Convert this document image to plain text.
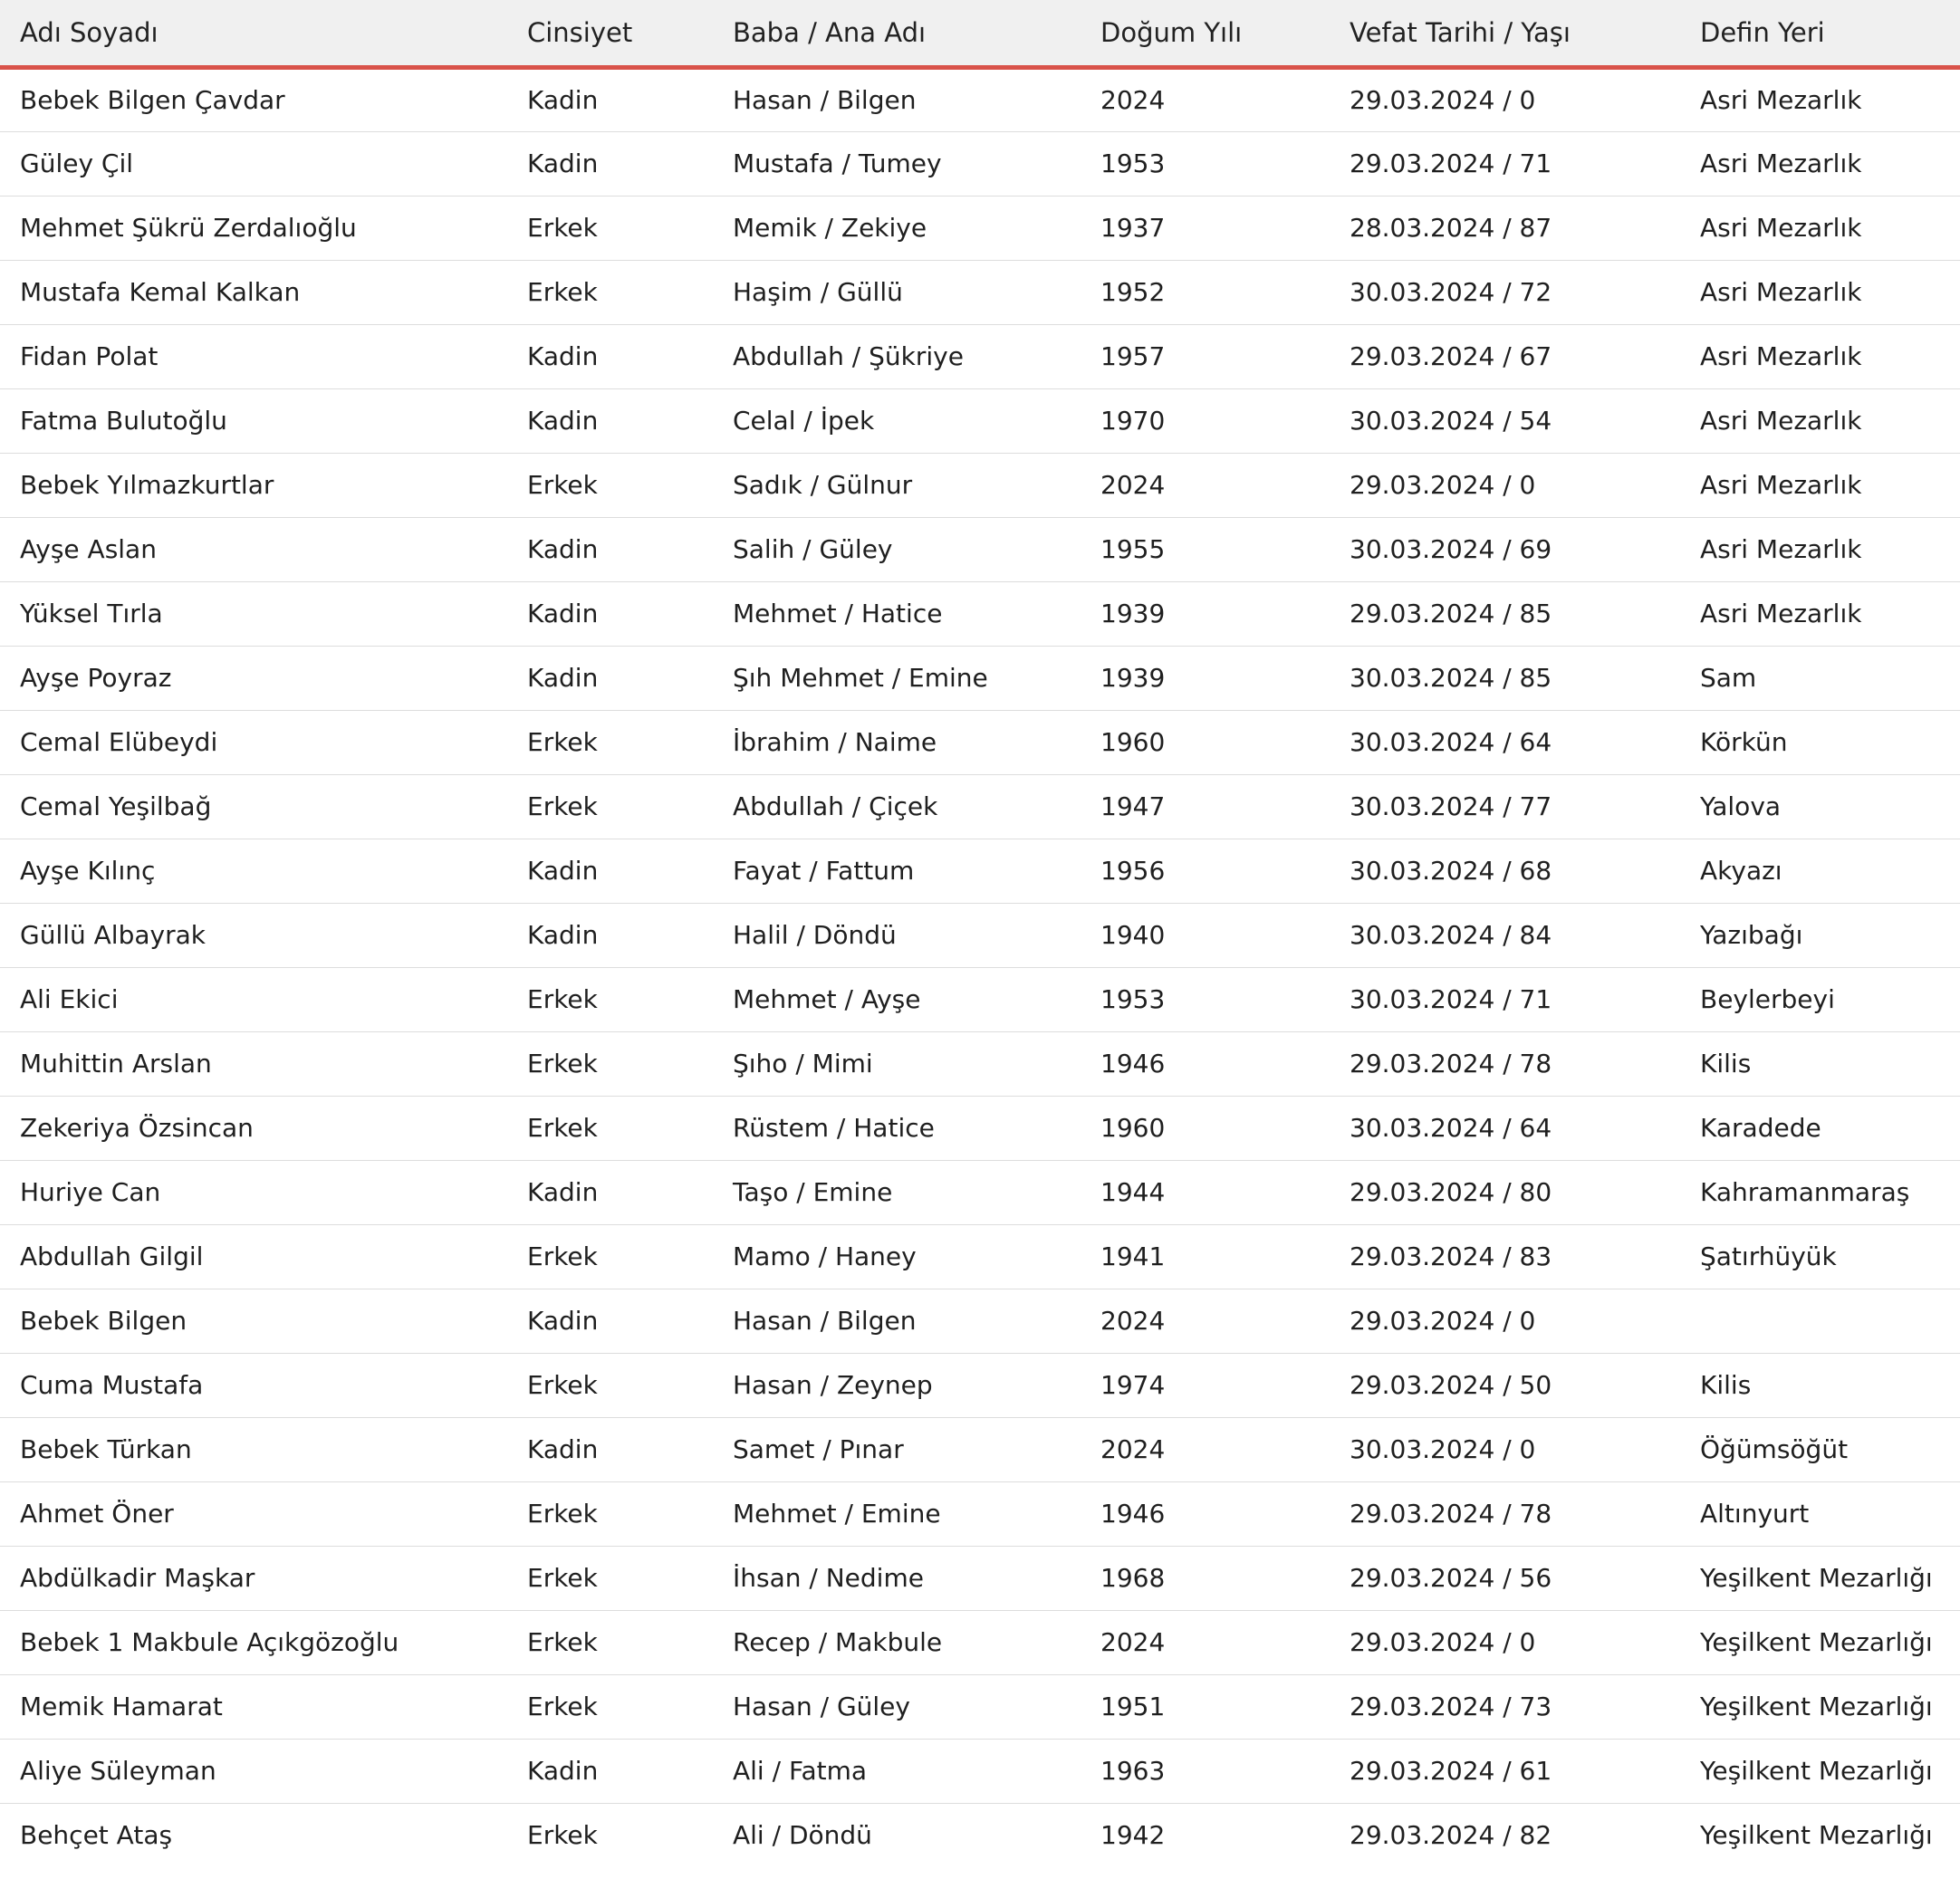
Adı Soyadı	Cinsiyet	Baba / Ana Adı	Doğum Yılı	Vefat Tarihi / Yaşı	Defin Yeri
Bebek Bilgen Çavdar	Kadin	Hasan / Bilgen	2024	29.03.2024 / 0	Asri Mezarlık
Güley Çil	Kadin	Mustafa / Tumey	1953	29.03.2024 / 71	Asri Mezarlık
Mehmet Şükrü Zerdalıoğlu	Erkek	Memik / Zekiye	1937	28.03.2024 / 87	Asri Mezarlık
Mustafa Kemal Kalkan	Erkek	Haşim / Güllü	1952	30.03.2024 / 72	Asri Mezarlık
Fidan Polat	Kadin	Abdullah / Şükriye	1957	29.03.2024 / 67	Asri Mezarlık
Fatma Bulutoğlu	Kadin	Celal / İpek	1970	30.03.2024 / 54	Asri Mezarlık
Bebek Yılmazkurtlar	Erkek	Sadık / Gülnur	2024	29.03.2024 / 0	Asri Mezarlık
Ayşe Aslan	Kadin	Salih / Güley	1955	30.03.2024 / 69	Asri Mezarlık
Yüksel Tırla	Kadin	Mehmet / Hatice	1939	29.03.2024 / 85	Asri Mezarlık
Ayşe Poyraz	Kadin	Şıh Mehmet / Emine	1939	30.03.2024 / 85	Sam
Cemal Elübeydi	Erkek	İbrahim / Naime	1960	30.03.2024 / 64	Körkün
Cemal Yeşilbağ	Erkek	Abdullah / Çiçek	1947	30.03.2024 / 77	Yalova
Ayşe Kılınç	Kadin	Fayat / Fattum	1956	30.03.2024 / 68	Akyazı
Güllü Albayrak	Kadin	Halil / Döndü	1940	30.03.2024 / 84	Yazıbağı
Ali Ekici	Erkek	Mehmet / Ayşe	1953	30.03.2024 / 71	Beylerbeyi
Muhittin Arslan	Erkek	Şıho / Mimi	1946	29.03.2024 / 78	Kilis
Zekeriya Özsincan	Erkek	Rüstem / Hatice	1960	30.03.2024 / 64	Karadede
Huriye Can	Kadin	Taşo / Emine	1944	29.03.2024 / 80	Kahramanmaraş
Abdullah Gilgil	Erkek	Mamo / Haney	1941	29.03.2024 / 83	Şatırhüyük
Bebek Bilgen	Kadin	Hasan / Bilgen	2024	29.03.2024 / 0	
Cuma Mustafa	Erkek	Hasan / Zeynep	1974	29.03.2024 / 50	Kilis
Bebek Türkan	Kadin	Samet / Pınar	2024	30.03.2024 / 0	Öğümsöğüt
Ahmet Öner	Erkek	Mehmet / Emine	1946	29.03.2024 / 78	Altınyurt
Abdülkadir Maşkar	Erkek	İhsan / Nedime	1968	29.03.2024 / 56	Yeşilkent Mezarlığı
Bebek 1 Makbule Açıkgözoğlu	Erkek	Recep / Makbule	2024	29.03.2024 / 0	Yeşilkent Mezarlığı
Memik Hamarat	Erkek	Hasan / Güley	1951	29.03.2024 / 73	Yeşilkent Mezarlığı
Aliye Süleyman	Kadin	Ali / Fatma	1963	29.03.2024 / 61	Yeşilkent Mezarlığı
Behçet Ataş	Erkek	Ali / Döndü	1942	29.03.2024 / 82	Yeşilkent Mezarlığı
